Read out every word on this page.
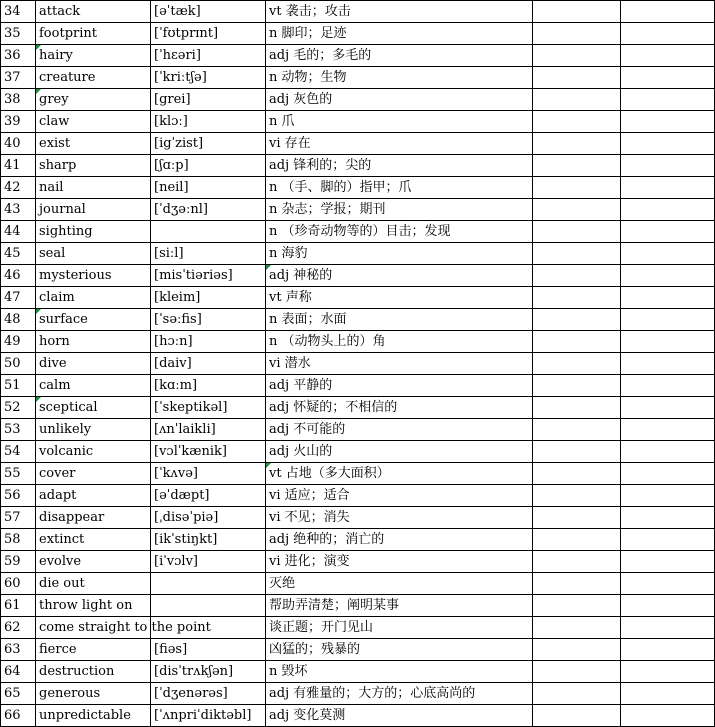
34	attack	[əˈtæk]	vt 袭击；攻击		
35	footprint	[ˈfʊtprɪnt]	n 脚印；足迹		
36	hairy	[ˈhɛəri]	adj 毛的；多毛的		
37	creature	[ˈkriːtʃə]	n 动物；生物		
38	grey	[grei]	adj 灰色的		
39	claw	[klɔː]	n 爪		
40	exist	[igˈzist]	vi 存在		
41	sharp	[ʃɑːp]	adj 锋利的；尖的		
42	nail	[neil]	n （手、脚的）指甲；爪		
43	journal	[ˈdʒəːnl]	n 杂志；学报；期刊		
44	sighting		n （珍奇动物等的）目击；发现		
45	seal	[siːl]	n 海豹		
46	mysterious	[misˈtiəriəs]	adj 神秘的		
47	claim	[kleim]	vt 声称		
48	surface	[ˈsəːfis]	n 表面；水面		
49	horn	[hɔːn]	n （动物头上的）角		
50	dive	[daiv]	vi 潜水		
51	calm	[kɑːm]	adj 平静的		
52	sceptical	[ˈskeptikəl]	adj 怀疑的；不相信的		
53	unlikely	[ʌnˈlaikli]	adj 不可能的		
54	volcanic	[vɔlˈkænik]	adj 火山的		
55	cover	[ˈkʌvə]	vt 占地（多大面积）		
56	adapt	[əˈdæpt]	vi 适应；适合		
57	disappear	[ˌdisəˈpiə]	vi 不见；消失		
58	extinct	[ikˈstiŋkt]	adj 绝种的；消亡的		
59	evolve	[iˈvɔlv]	vi 进化；演变		
60	die out		灭绝		
61	throw light on		帮助弄清楚；阐明某事		
62	come straight to the point		谈正题；开门见山		
63	fierce	[fiəs]	凶猛的；残暴的		
64	destruction	[disˈtrʌkʃən]	n 毁坏		
65	generous	[ˈdʒenərəs]	adj 有雅量的；大方的；心底高尚的		
66	unpredictable	[ˈʌnpriˈdiktəbl]	adj 变化莫测		
